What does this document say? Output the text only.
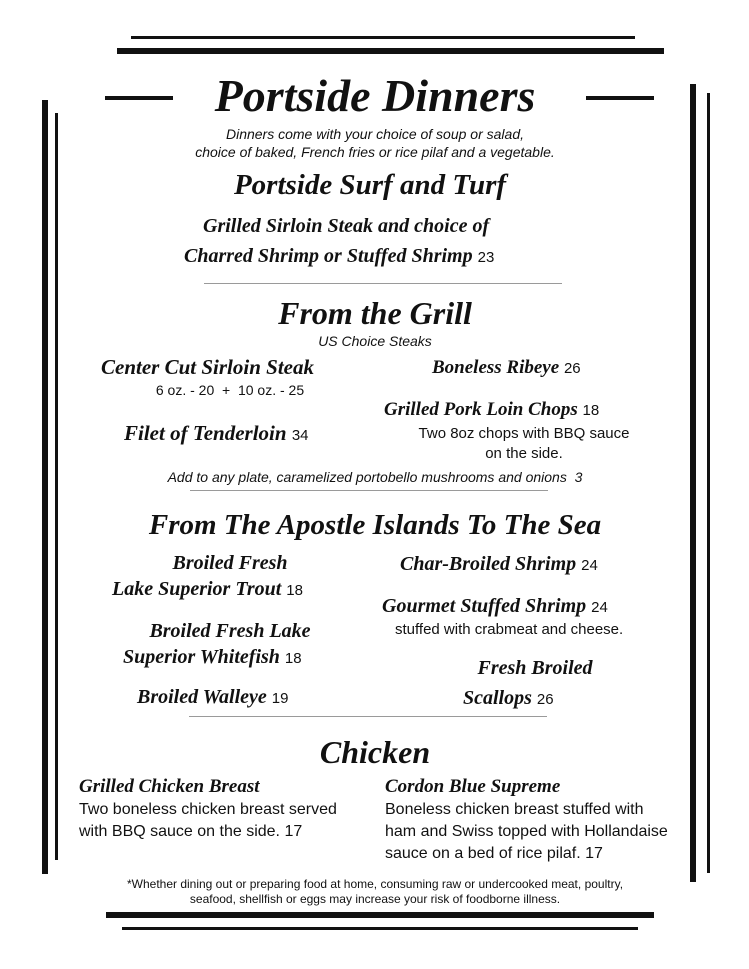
Portside Dinners
Dinners come with your choice of soup or salad,
choice of baked, French fries or rice pilaf and a vegetable.
Portside Surf and Turf
Grilled Sirloin Steak and choice of
Charred Shrimp or Stuffed Shrimp 23
From the Grill
US Choice Steaks
Center Cut Sirloin Steak
6 oz. - 20  +  10 oz. - 25
Filet of Tenderloin 34
Boneless Ribeye 26
Grilled Pork Loin Chops 18
Two 8oz chops with BBQ sauce
on the side.
Add to any plate, caramelized portobello mushrooms and onions  3
From The Apostle Islands To The Sea
Broiled Fresh
Lake Superior Trout 18
Broiled Fresh Lake
Superior Whitefish 18
Broiled Walleye 19
Char-Broiled Shrimp 24
Gourmet Stuffed Shrimp 24
stuffed with crabmeat and cheese.
Fresh Broiled
Scallops 26
Chicken
Grilled Chicken Breast
Two boneless chicken breast served
with BBQ sauce on the side. 17
Cordon Blue Supreme
Boneless chicken breast stuffed with
ham and Swiss topped with Hollandaise
sauce on a bed of rice pilaf. 17
*Whether dining out or preparing food at home, consuming raw or undercooked meat, poultry,
seafood, shellfish or eggs may increase your risk of foodborne illness.
